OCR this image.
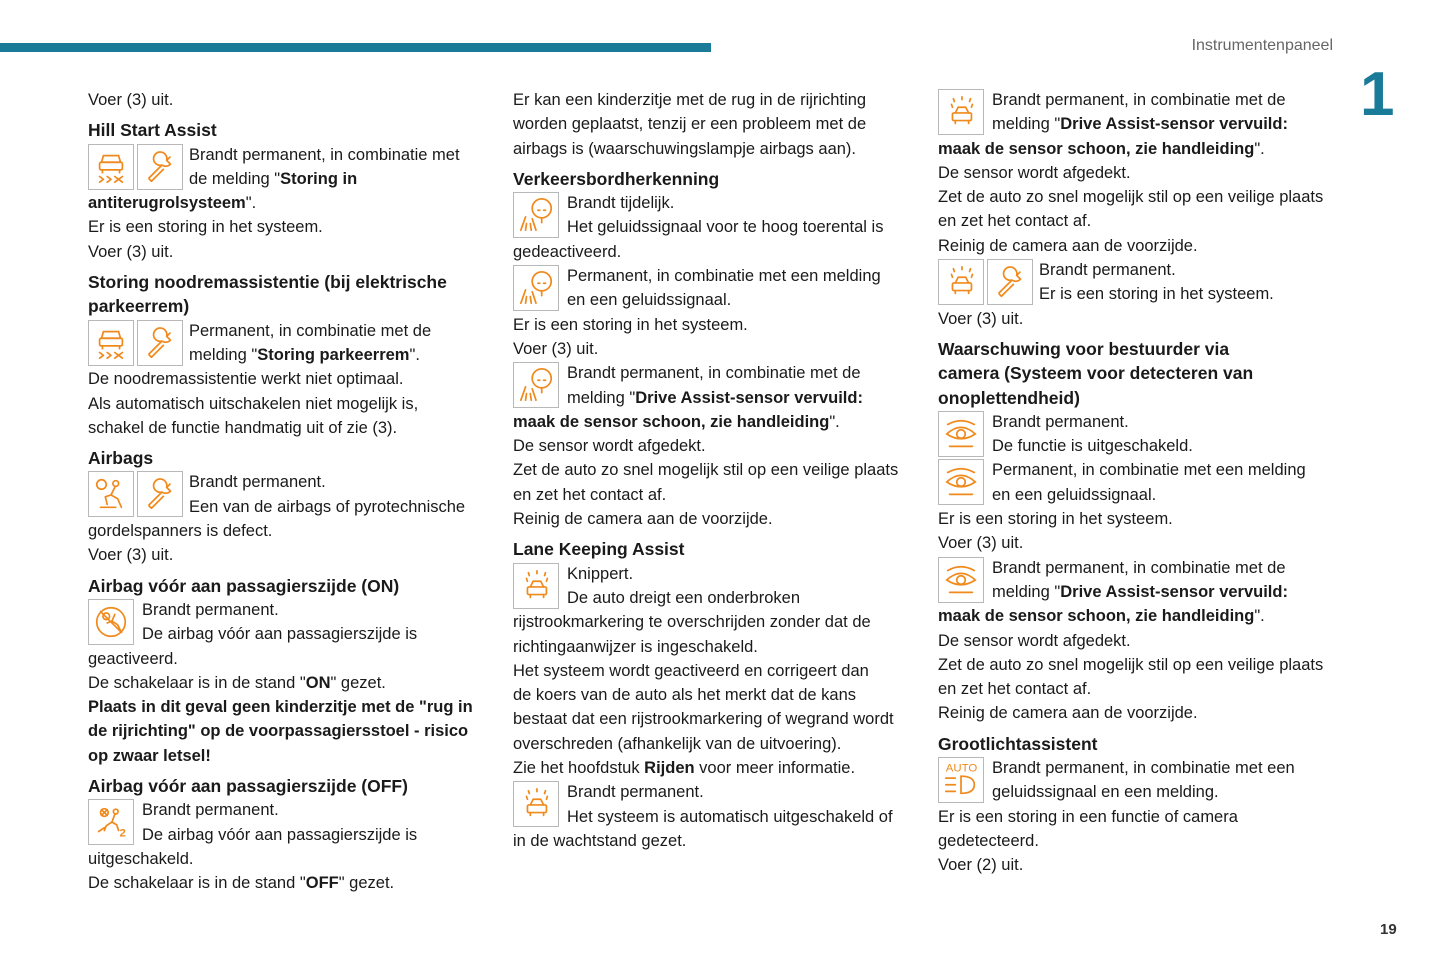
Instrumentenpaneel
1
19
Voer (3) uit.
Hill Start Assist
Brandt permanent, in combinatie met
de melding "Storing in
antiterugrolsysteem".
Er is een storing in het systeem.
Voer (3) uit.
Storing noodremassistentie (bij elektrische
parkeerrem)
Permanent, in combinatie met de
melding "Storing parkeerrem".
De noodremassistentie werkt niet optimaal.
Als automatisch uitschakelen niet mogelijk is,
schakel de functie handmatig uit of zie (3).
Airbags
Brandt permanent.
Een van de airbags of pyrotechnische
gordelspanners is defect.
Voer (3) uit.
Airbag vóór aan passagierszijde (ON)
Brandt permanent.
De airbag vóór aan passagierszijde is
geactiveerd.
De schakelaar is in de stand "ON" gezet.
Plaats in dit geval geen kinderzitje met de "rug in
de rijrichting" op de voorpassagiersstoel - risico
op zwaar letsel!
Airbag vóór aan passagierszijde (OFF)
Brandt permanent.
De airbag vóór aan passagierszijde is
uitgeschakeld.
De schakelaar is in de stand "OFF" gezet.
Er kan een kinderzitje met de rug in de rijrichting
worden geplaatst, tenzij er een probleem met de
airbags is (waarschuwingslampje airbags aan).
Verkeersbordherkenning
Brandt tijdelijk.
Het geluidssignaal voor te hoog toerental is
gedeactiveerd.
Permanent, in combinatie met een melding
en een geluidssignaal.
Er is een storing in het systeem.
Voer (3) uit.
Brandt permanent, in combinatie met de
melding "Drive Assist-sensor vervuild:
maak de sensor schoon, zie handleiding".
De sensor wordt afgedekt.
Zet de auto zo snel mogelijk stil op een veilige plaats
en zet het contact af.
Reinig de camera aan de voorzijde.
Lane Keeping Assist
Knippert.
De auto dreigt een onderbroken
rijstrookmarkering te overschrijden zonder dat de
richtingaanwijzer is ingeschakeld.
Het systeem wordt geactiveerd en corrigeert dan
de koers van de auto als het merkt dat de kans
bestaat dat een rijstrookmarkering of wegrand wordt
overschreden (afhankelijk van de uitvoering).
Zie het hoofdstuk Rijden voor meer informatie.
Brandt permanent.
Het systeem is automatisch uitgeschakeld of
in de wachtstand gezet.
Brandt permanent, in combinatie met de
melding "Drive Assist-sensor vervuild:
maak de sensor schoon, zie handleiding".
De sensor wordt afgedekt.
Zet de auto zo snel mogelijk stil op een veilige plaats
en zet het contact af.
Reinig de camera aan de voorzijde.
Brandt permanent.
Er is een storing in het systeem.
Voer (3) uit.
Waarschuwing voor bestuurder via
camera (Systeem voor detecteren van
onoplettendheid)
Brandt permanent.
De functie is uitgeschakeld.
Permanent, in combinatie met een melding
en een geluidssignaal.
Er is een storing in het systeem.
Voer (3) uit.
Brandt permanent, in combinatie met de
melding "Drive Assist-sensor vervuild:
maak de sensor schoon, zie handleiding".
De sensor wordt afgedekt.
Zet de auto zo snel mogelijk stil op een veilige plaats
en zet het contact af.
Reinig de camera aan de voorzijde.
Grootlichtassistent
AUTO Brandt permanent, in combinatie met een
geluidssignaal en een melding.
Er is een storing in een functie of camera
gedetecteerd.
Voer (2) uit.
